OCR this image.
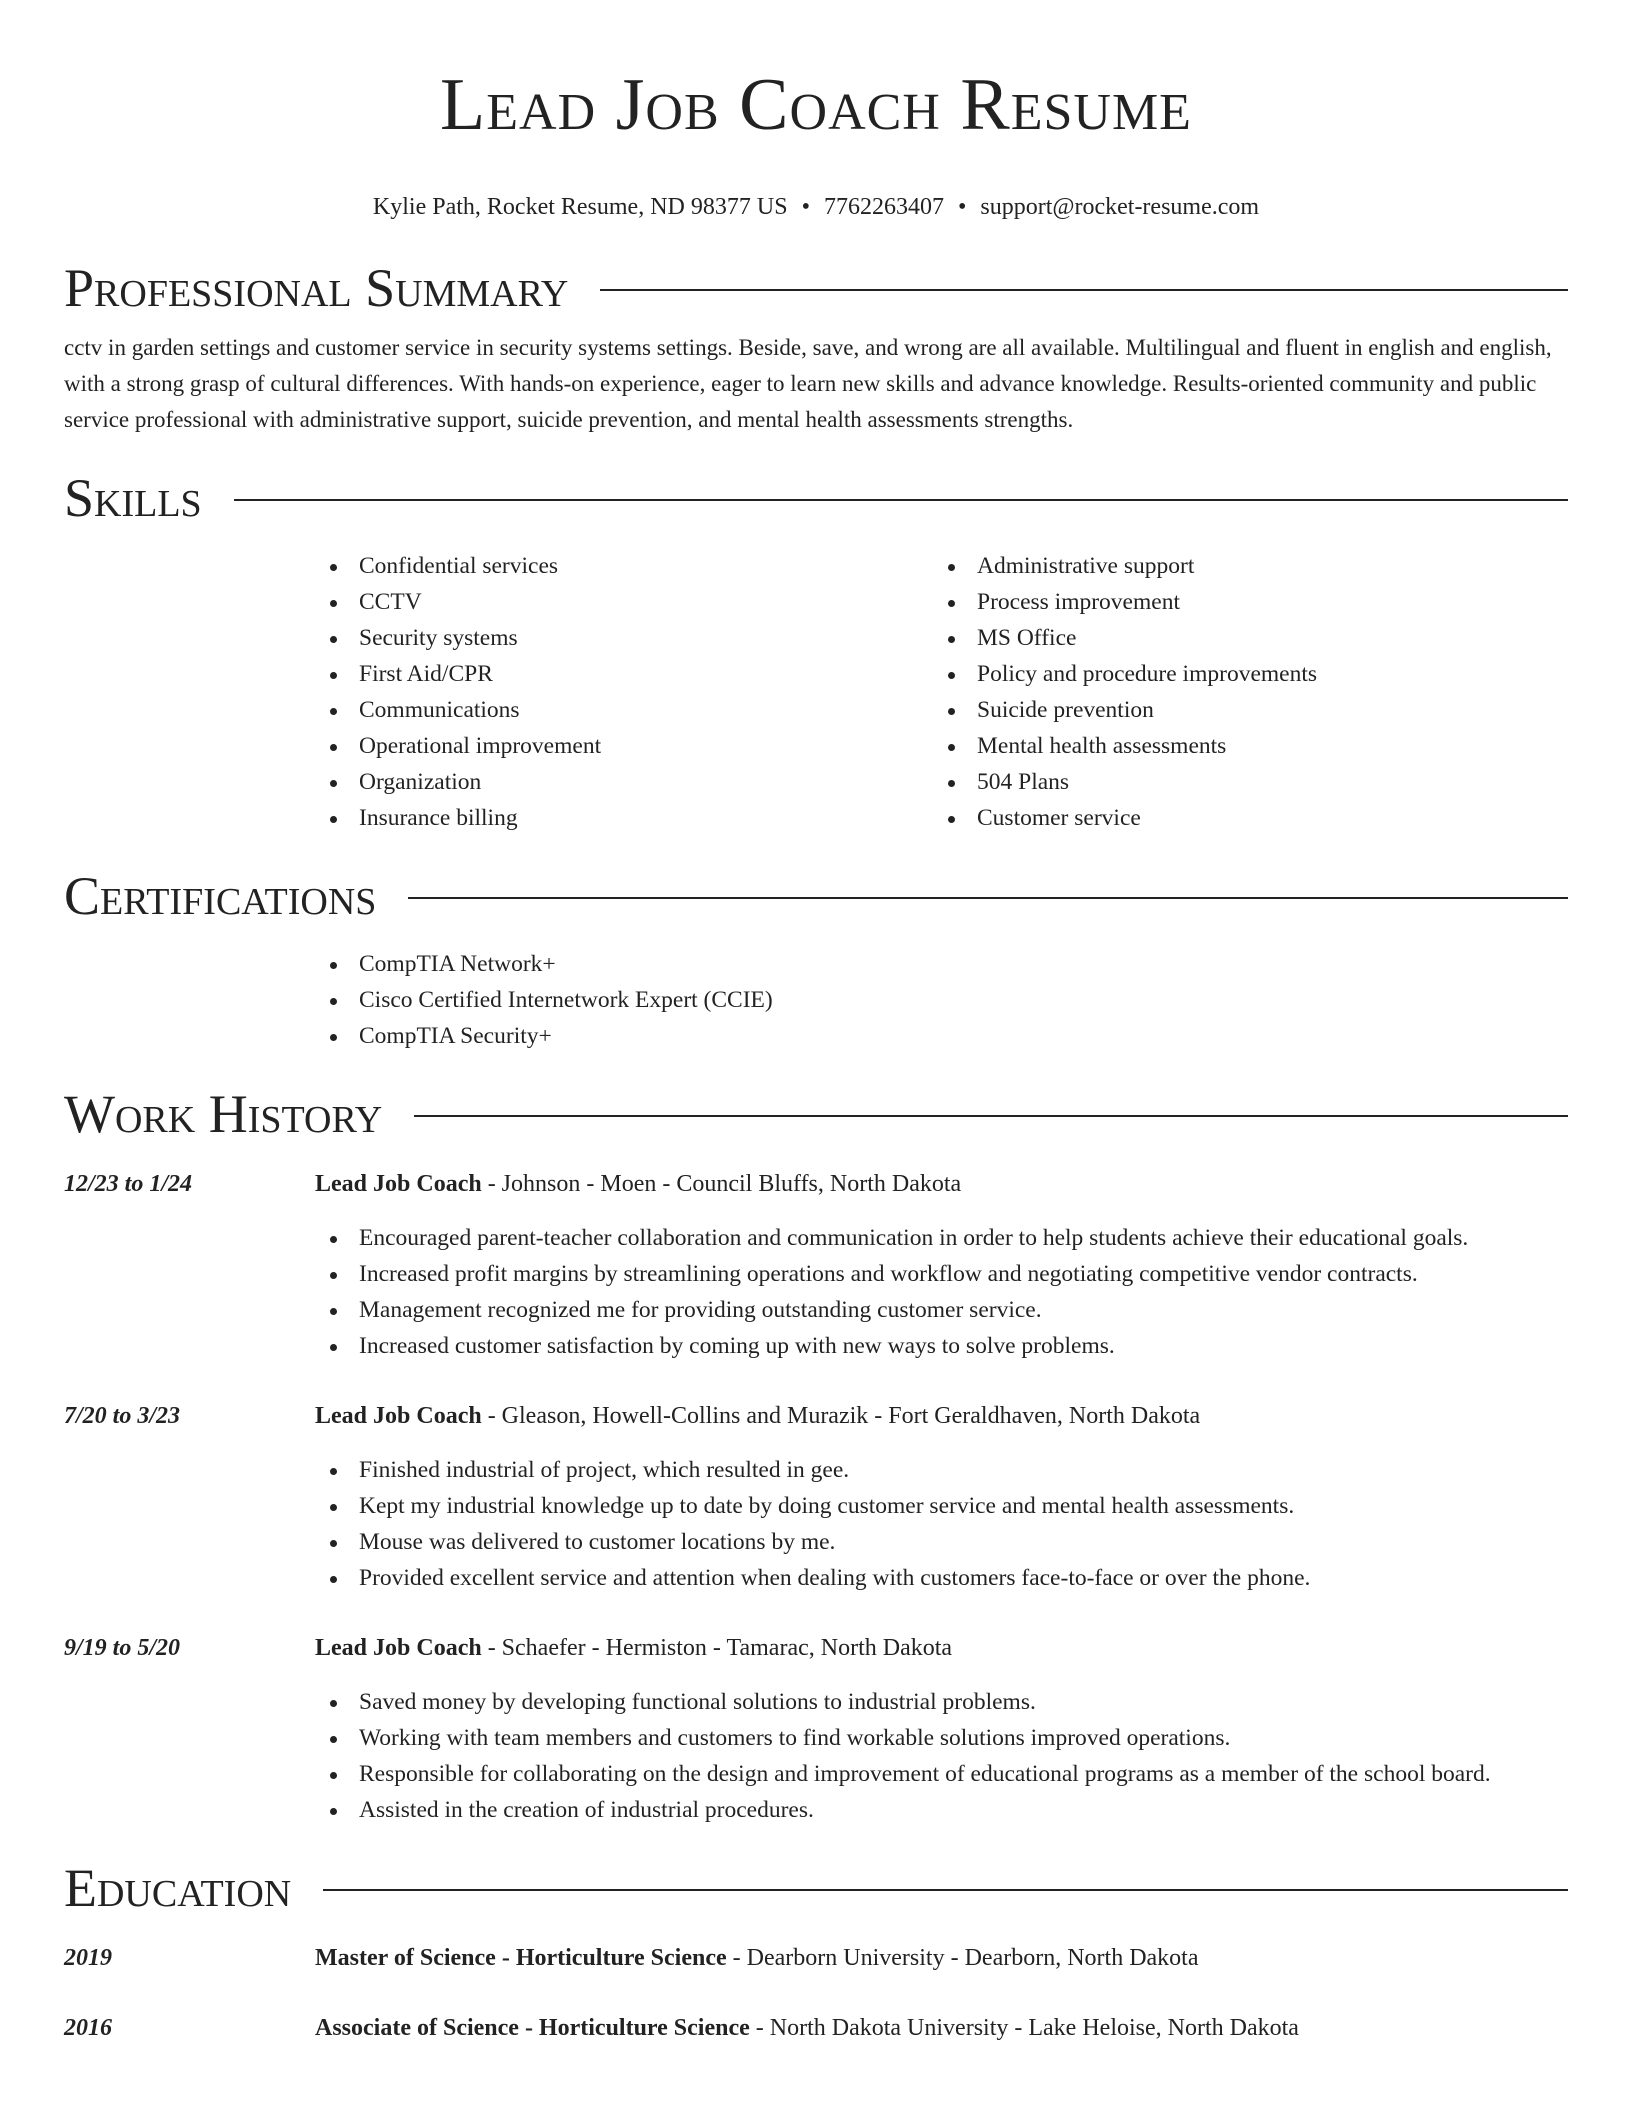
Lead Job Coach Resume
Kylie Path, Rocket Resume, ND 98377 US • 7762263407 • support@rocket-resume.com
Professional Summary

cctv in garden settings and customer service in security systems settings. Beside, save, and wrong are all available. Multilingual and fluent in english and english, with a strong grasp of cultural differences. With hands-on experience, eager to learn new skills and advance knowledge. Results-oriented community and public service professional with administrative support, suicide prevention, and mental health assessments strengths.

Skills
Confidential services
CCTV
Security systems
First Aid/CPR
Communications
Operational improvement
Organization
Insurance billing
Administrative support
Process improvement
MS Office
Policy and procedure improvements
Suicide prevention
Mental health assessments
504 Plans
Customer service
Certifications
CompTIA Network+
Cisco Certified Internetwork Expert (CCIE)
CompTIA Security+
Work History
12/23 to 1/24	Lead Job Coach - Johnson - Moen - Council Bluffs, North Dakota
Encouraged parent-teacher collaboration and communication in order to help students achieve their educational goals.
Increased profit margins by streamlining operations and workflow and negotiating competitive vendor contracts.
Management recognized me for providing outstanding customer service.
Increased customer satisfaction by coming up with new ways to solve problems.
7/20 to 3/23	Lead Job Coach - Gleason, Howell-Collins and Murazik - Fort Geraldhaven, North Dakota
Finished industrial of project, which resulted in gee.
Kept my industrial knowledge up to date by doing customer service and mental health assessments.
Mouse was delivered to customer locations by me.
Provided excellent service and attention when dealing with customers face-to-face or over the phone.
9/19 to 5/20	Lead Job Coach - Schaefer - Hermiston - Tamarac, North Dakota
Saved money by developing functional solutions to industrial problems.
Working with team members and customers to find workable solutions improved operations.
Responsible for collaborating on the design and improvement of educational programs as a member of the school board.
Assisted in the creation of industrial procedures.
Education
2019	Master of Science - Horticulture Science - Dearborn University - Dearborn, North Dakota
2016	Associate of Science - Horticulture Science - North Dakota University - Lake Heloise, North Dakota
